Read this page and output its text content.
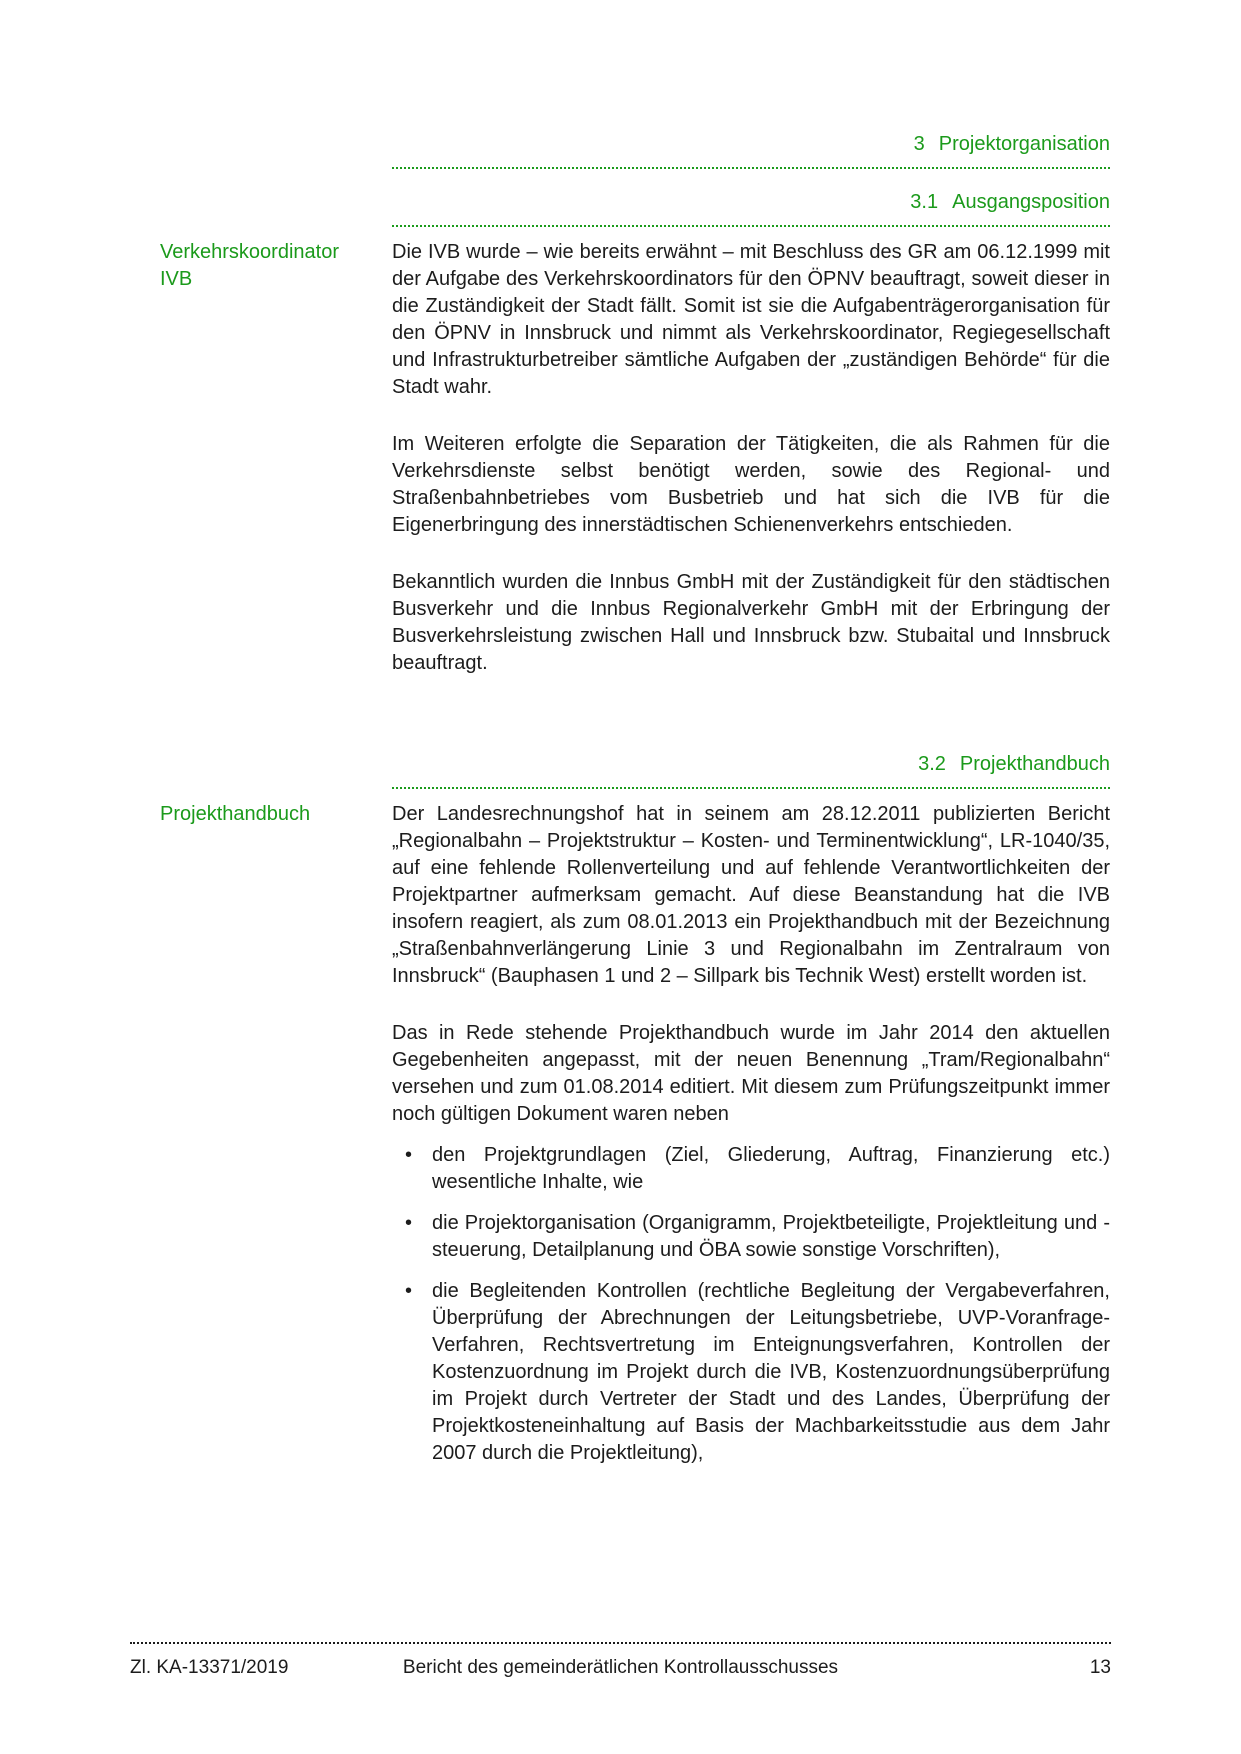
3 Projektorganisation
3.1 Ausgangsposition
Verkehrskoordinator IVB

Die IVB wurde – wie bereits erwähnt – mit Beschluss des GR am 06.12.1999 mit der Aufgabe des Verkehrskoordinators für den ÖPNV beauftragt, soweit dieser in die Zuständigkeit der Stadt fällt. Somit ist sie die Aufgabenträgerorganisation für den ÖPNV in Innsbruck und nimmt als Verkehrskoordinator, Regiegesellschaft und Infrastrukturbetreiber sämtliche Aufgaben der „zuständigen Behörde“ für die Stadt wahr.

Im Weiteren erfolgte die Separation der Tätigkeiten, die als Rahmen für die Verkehrsdienste selbst benötigt werden, sowie des Regional- und Straßenbahnbetriebes vom Busbetrieb und hat sich die IVB für die Eigenerbringung des innerstädtischen Schienenverkehrs entschieden.

Bekanntlich wurden die Innbus GmbH mit der Zuständigkeit für den städtischen Busverkehr und die Innbus Regionalverkehr GmbH mit der Erbringung der Busverkehrsleistung zwischen Hall und Innsbruck bzw. Stubaital und Innsbruck beauftragt.

3.2 Projekthandbuch
Projekthandbuch	Der Landesrechnungshof hat in seinem am 28.12.2011 publizierten Bericht „Regionalbahn – Projektstruktur – Kosten- und Terminentwicklung“, LR-1040/35, auf eine fehlende Rollenverteilung und auf fehlende Verantwortlichkeiten der Projektpartner aufmerksam gemacht. Auf diese Beanstandung hat die IVB insofern reagiert, als zum 08.01.2013 ein Projekthandbuch mit der Bezeichnung „Straßenbahnverlängerung Linie 3 und Regionalbahn im Zentralraum von Innsbruck“ (Bauphasen 1 und 2 – Sillpark bis Technik West) erstellt worden ist.

Das in Rede stehende Projekthandbuch wurde im Jahr 2014 den aktuellen Gegebenheiten angepasst, mit der neuen Benennung „Tram/Regionalbahn“ versehen und zum 01.08.2014 editiert. Mit diesem zum Prüfungszeitpunkt immer noch gültigen Dokument waren neben

• den Projektgrundlagen (Ziel, Gliederung, Auftrag, Finanzierung etc.) wesentliche Inhalte, wie
• die Projektorganisation (Organigramm, Projektbeteiligte, Projektleitung und -steuerung, Detailplanung und ÖBA sowie sonstige Vorschriften),
• die Begleitenden Kontrollen (rechtliche Begleitung der Vergabeverfahren, Überprüfung der Abrechnungen der Leitungsbetriebe, UVP-Voranfrage-Verfahren, Rechtsvertretung im Enteignungsverfahren, Kontrollen der Kostenzuordnung im Projekt durch die IVB, Kostenzuordnungsüberprüfung im Projekt durch Vertreter der Stadt und des Landes, Überprüfung der Projektkosteneinhaltung auf Basis der Machbarkeitsstudie aus dem Jahr 2007 durch die Projektleitung),
Zl. KA-13371/2019	Bericht des gemeinderätlichen Kontrollausschusses	13
